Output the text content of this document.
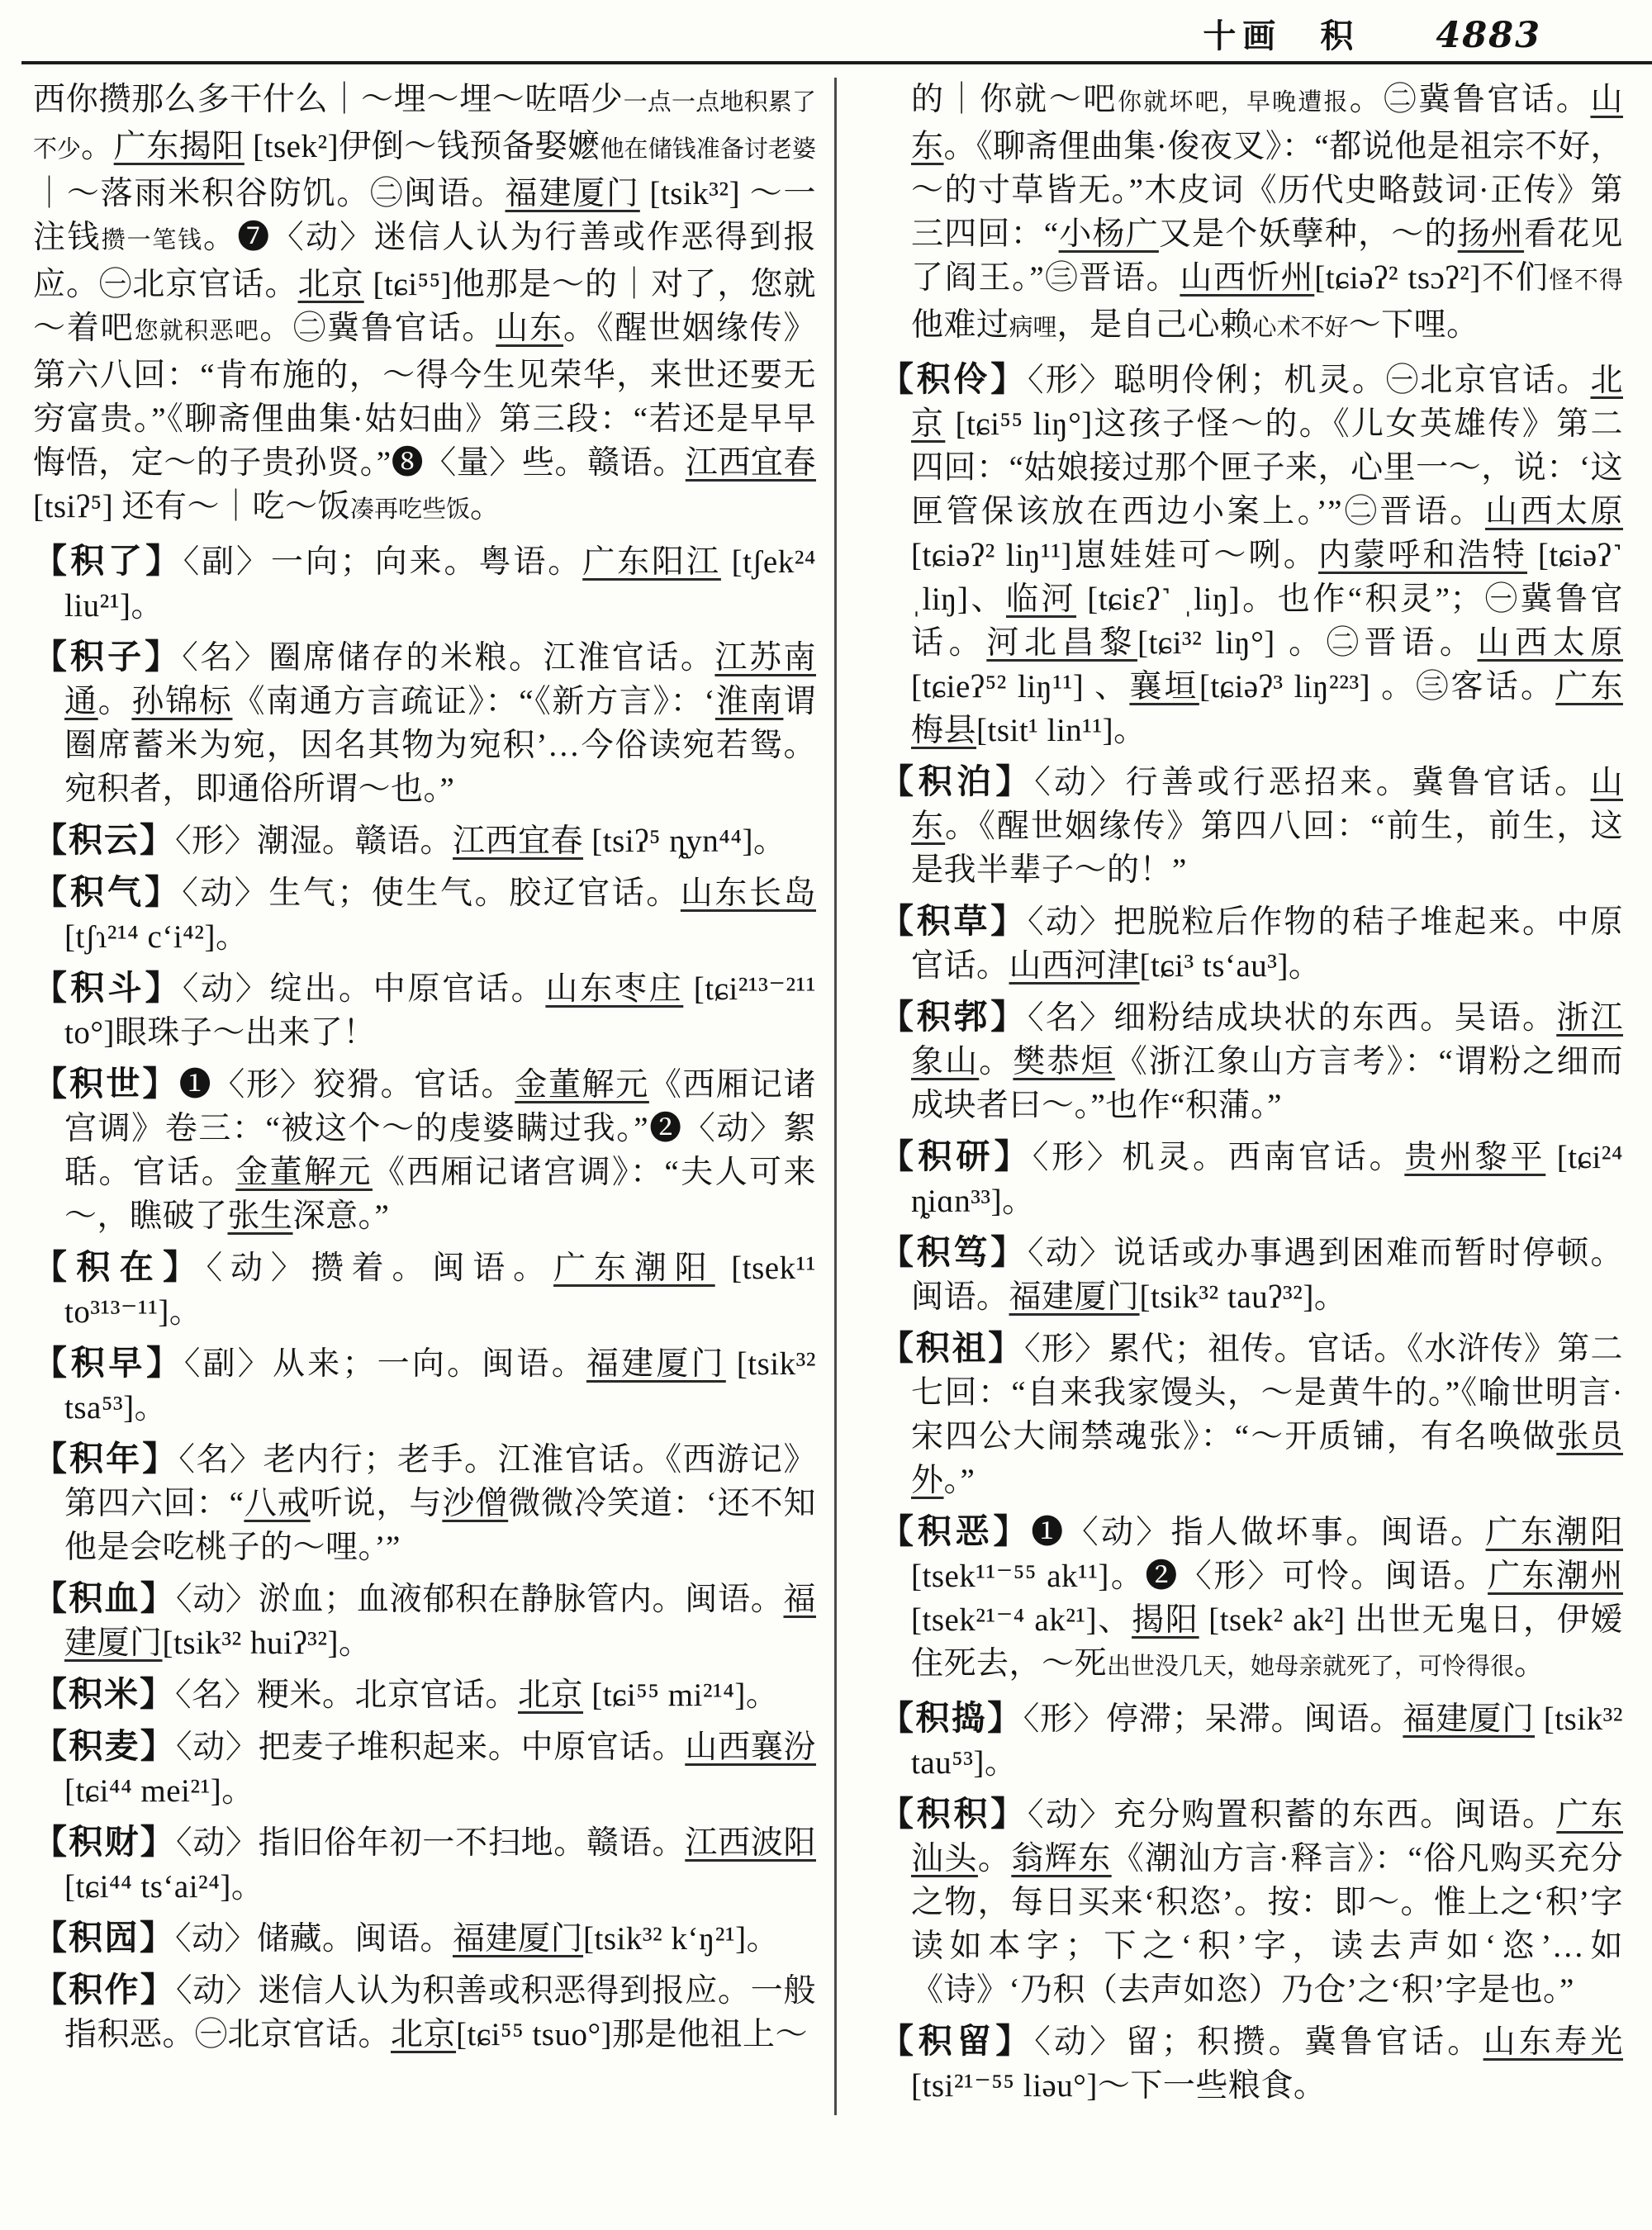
十画 积 4883

西你攒那么多干什么｜～埋～埋～咗唔少一点一点地积累了不少。广东揭阳 [tsek²]伊倒～钱预备娶嬷他在储钱准备讨老婆｜～落雨米积谷防饥。㊁闽语。福建厦门 [tsik³²] ～一注钱攒一笔钱。❼〈动〉迷信人认为行善或作恶得到报应。㊀北京官话。北京 [tɕi⁵⁵]他那是～的｜对了，您就～着吧您就积恶吧。㊁冀鲁官话。山东。《醒世姻缘传》第六八回：“肯布施的，～得今生见荣华，来世还要无穷富贵。”《聊斋俚曲集·姑妇曲》第三段：“若还是早早悔悟，定～的子贵孙贤。”❽〈量〉些。赣语。江西宜春 [tsiʔ⁵] 还有～｜吃～饭凑再吃些饭。

【积了】〈副〉一向；向来。粤语。广东阳江 [tʃek²⁴ liu²¹]。

【积子】〈名〉圈席储存的米粮。江淮官话。江苏南通。孙锦标《南通方言疏证》：“《新方言》：‘淮南谓圈席蓄米为宛，因名其物为宛积’…今俗读宛若鸳。宛积者，即通俗所谓～也。”

【积云】〈形〉潮湿。赣语。江西宜春 [tsiʔ⁵ ȵyn⁴⁴]。

【积气】〈动〉生气；使生气。胶辽官话。山东长岛 [tʃɿ²¹⁴ c‘i⁴²]。

【积斗】〈动〉绽出。中原官话。山东枣庄 [tɕi²¹³⁻²¹¹ to°]眼珠子～出来了！

【积世】❶〈形〉狡猾。官话。金董解元《西厢记诸宫调》卷三：“被这个～的虔婆瞒过我。”❷〈动〉絮聒。官话。金董解元《西厢记诸宫调》：“夫人可来～，瞧破了张生深意。”

【积在】〈动〉攒着。闽语。广东潮阳 [tsek¹¹ to³¹³⁻¹¹]。

【积早】〈副〉从来；一向。闽语。福建厦门 [tsik³² tsa⁵³]。

【积年】〈名〉老内行；老手。江淮官话。《西游记》第四六回：“八戒听说，与沙僧微微冷笑道：‘还不知他是会吃桃子的～哩。’”

【积血】〈动〉淤血；血液郁积在静脉管内。闽语。福建厦门[tsik³² huiʔ³²]。

【积米】〈名〉粳米。北京官话。北京 [tɕi⁵⁵ mi²¹⁴]。

【积麦】〈动〉把麦子堆积起来。中原官话。山西襄汾 [tɕi⁴⁴ mei²¹]。

【积财】〈动〉指旧俗年初一不扫地。赣语。江西波阳 [tɕi⁴⁴ ts‘ai²⁴]。

【积囥】〈动〉储藏。闽语。福建厦门[tsik³² k‘ŋ²¹]。

【积作】〈动〉迷信人认为积善或积恶得到报应。一般指积恶。㊀北京官话。北京[tɕi⁵⁵ tsuo°]那是他祖上～

的｜你就～吧你就坏吧，早晚遭报。㊁冀鲁官话。山东。《聊斋俚曲集·俊夜叉》：“都说他是祖宗不好，～的寸草皆无。”木皮词《历代史略鼓词·正传》第三四回：“小杨广又是个妖孽种，～的扬州看花见了阎王。”㊂晋语。山西忻州[tɕiəʔ² tsɔʔ²]不们怪不得他难过病哩，是自己心赖心术不好～下哩。

【积伶】〈形〉聪明伶俐；机灵。㊀北京官话。北京 [tɕi⁵⁵ liŋ°]这孩子怪～的。《儿女英雄传》第二四回：“姑娘接过那个匣子来，心里一～，说：‘这匣管保该放在西边小案上。’”㊁晋语。山西太原 [tɕiəʔ² liŋ¹¹]崽娃娃可～咧。内蒙呼和浩特 [tɕiəʔ˺ ˌliŋ]、临河 [tɕiɛʔ˺ ˌliŋ]。也作“积灵”；㊀冀鲁官话。河北昌黎[tɕi³² liŋ°] 。㊁晋语。山西太原 [tɕieʔ⁵² liŋ¹¹] 、襄垣[tɕiəʔ³ liŋ²²³] 。㊂客话。广东梅县[tsit¹ lin¹¹]。

【积泊】〈动〉行善或行恶招来。冀鲁官话。山东。《醒世姻缘传》第四八回：“前生，前生，这是我半辈子～的！”

【积草】〈动〉把脱粒后作物的秸子堆起来。中原官话。山西河津[tɕi³ ts‘au³]。

【积郣】〈名〉细粉结成块状的东西。吴语。浙江象山。樊恭烜《浙江象山方言考》：“谓粉之细而成块者曰～。”也作“积蒲。”

【积研】〈形〉机灵。西南官话。贵州黎平 [tɕi²⁴ ȵiɑn³³]。

【积笃】〈动〉说话或办事遇到困难而暂时停顿。闽语。福建厦门[tsik³² tauʔ³²]。

【积祖】〈形〉累代；祖传。官话。《水浒传》第二七回：“自来我家馒头，～是黄牛的。”《喻世明言·宋四公大闹禁魂张》：“～开质铺，有名唤做张员外。”

【积恶】❶〈动〉指人做坏事。闽语。广东潮阳[tsek¹¹⁻⁵⁵ ak¹¹]。❷〈形〉可怜。闽语。广东潮州[tsek²¹⁻⁴ ak²¹]、揭阳 [tsek² ak²] 出世无鬼日，伊嫒住死去，～死出世没几天，她母亲就死了，可怜得很。

【积捣】〈形〉停滞；呆滞。闽语。福建厦门 [tsik³² tau⁵³]。

【积积】〈动〉充分购置积蓄的东西。闽语。广东汕头。翁辉东《潮汕方言·释言》：“俗凡购买充分之物，每日买来‘积恣’。按：即～。惟上之‘积’字读如本字；下之‘积’字，读去声如‘恣’…如《诗》‘乃积（去声如恣）乃仓’之‘积’字是也。”

【积留】〈动〉留；积攒。冀鲁官话。山东寿光 [tsi²¹⁻⁵⁵ liəu°]～下一些粮食。
